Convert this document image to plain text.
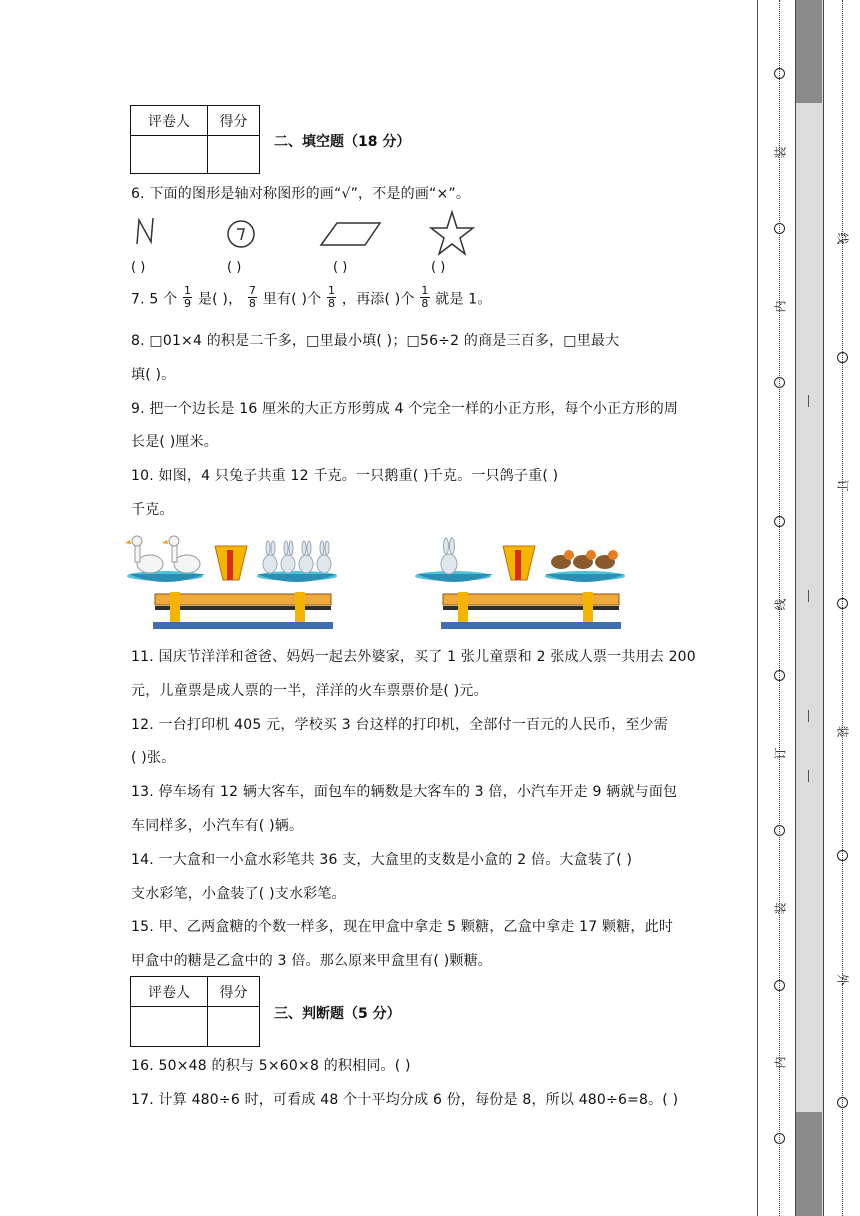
评卷人	得分

二、填空题（18 分）
6. 下面的图形是轴对称图形的画“√”，不是的画“×”。
( )	( )	( )	( )
7. 5 个 $\frac{1}{9}$ 是( )， $\frac{7}{8}$ 里有( )个 $\frac{1}{8}$ ，再添( )个 $\frac{1}{8}$ 就是 1。
8. □01×4 的积是二千多，□里最小填( )；□56÷2 的商是三百多，□里最大
填( )。
9. 把一个边长是 16 厘米的大正方形剪成 4 个完全一样的小正方形，每个小正方形的周
长是( )厘米。
10. 如图，4 只兔子共重 12 千克。一只鹅重( )千克。一只鸽子重( )
千克。
11. 国庆节洋洋和爸爸、妈妈一起去外婆家，买了 1 张儿童票和 2 张成人票一共用去 200
元，儿童票是成人票的一半，洋洋的火车票票价是( )元。
12. 一台打印机 405 元，学校买 3 台这样的打印机，全部付一百元的人民币，至少需
( )张。
13. 停车场有 12 辆大客车，面包车的辆数是大客车的 3 倍，小汽车开走 9 辆就与面包
车同样多，小汽车有( )辆。
14. 一大盒和一小盒水彩笔共 36 支，大盒里的支数是小盒的 2 倍。大盒装了( )
支水彩笔，小盒装了( )支水彩笔。
15. 甲、乙两盒糖的个数一样多，现在甲盒中拿走 5 颗糖，乙盒中拿走 17 颗糖，此时
甲盒中的糖是乙盒中的 3 倍。那么原来甲盒里有( )颗糖。
评卷人	得分

三、判断题（5 分）
16. 50×48 的积与 5×60×8 的积相同。( )
17. 计算 480÷6 时，可看成 48 个十平均分成 6 份，每份是 8，所以 480÷6=8。( )
装
内
线
订
装
内
线
订
装
外
